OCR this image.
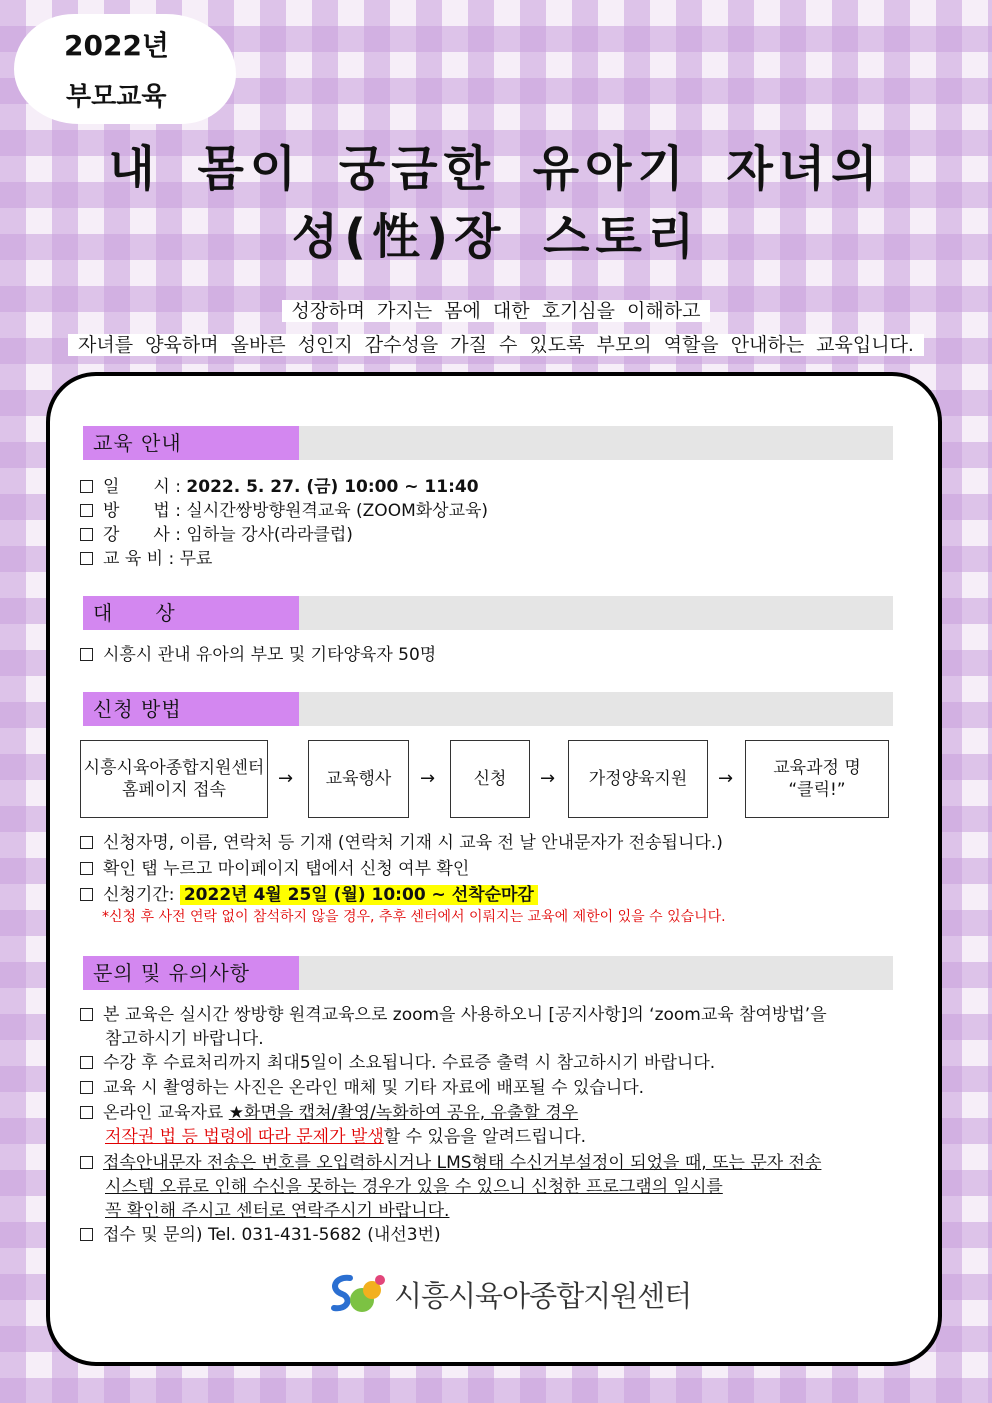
2022년
부모교육
내 몸이 궁금한 유아기 자녀의
성(性)장 스토리
성장하며 가지는 몸에 대한 호기심을 이해하고
자녀를 양육하며 올바른 성인지 감수성을 가질 수 있도록 부모의 역할을 안내하는 교육입니다.
교육 안내
일　　시 : 2022. 5. 27. (금) 10:00 ~ 11:40
방　　법 : 실시간쌍방향원격교육 (ZOOM화상교육)
강　　사 : 임하늘 강사(라라클럽)
교 육 비 : 무료
대　　상
시흥시 관내 유아의 부모 및 기타양육자 50명
신청 방법
시흥시육아종합지원센터
홈페이지 접속
→	교육행사	→	신청	→	가정양육지원	→ 교육과정 명
“클릭!”
신청자명, 이름, 연락처 등 기재 (연락처 기재 시 교육 전 날 안내문자가 전송됩니다.)
확인 탭 누르고 마이페이지 탭에서 신청 여부 확인
신청기간: 2022년 4월 25일 (월) 10:00 ~ 선착순마감
*신청 후 사전 연락 없이 참석하지 않을 경우, 추후 센터에서 이뤄지는 교육에 제한이 있을 수 있습니다.
문의 및 유의사항
본 교육은 실시간 쌍방향 원격교육으로 zoom을 사용하오니 [공지사항]의 ‘zoom교육 참여방법’을
참고하시기 바랍니다.
수강 후 수료처리까지 최대5일이 소요됩니다. 수료증 출력 시 참고하시기 바랍니다.
교육 시 촬영하는 사진은 온라인 매체 및 기타 자료에 배포될 수 있습니다.
온라인 교육자료 ★화면을 캡쳐/촬영/녹화하여 공유, 유출할 경우
저작권 법 등 법령에 따라 문제가 발생할 수 있음을 알려드립니다.
접속안내문자 전송은 번호를 오입력하시거나 LMS형태 수신거부설정이 되었을 때, 또는 문자 전송
시스템 오류로 인해 수신을 못하는 경우가 있을 수 있으니 신청한 프로그램의 일시를
꼭 확인해 주시고 센터로 연락주시기 바랍니다.
접수 및 문의) Tel. 031-431-5682 (내선3번)
시흥시육아종합지원센터
